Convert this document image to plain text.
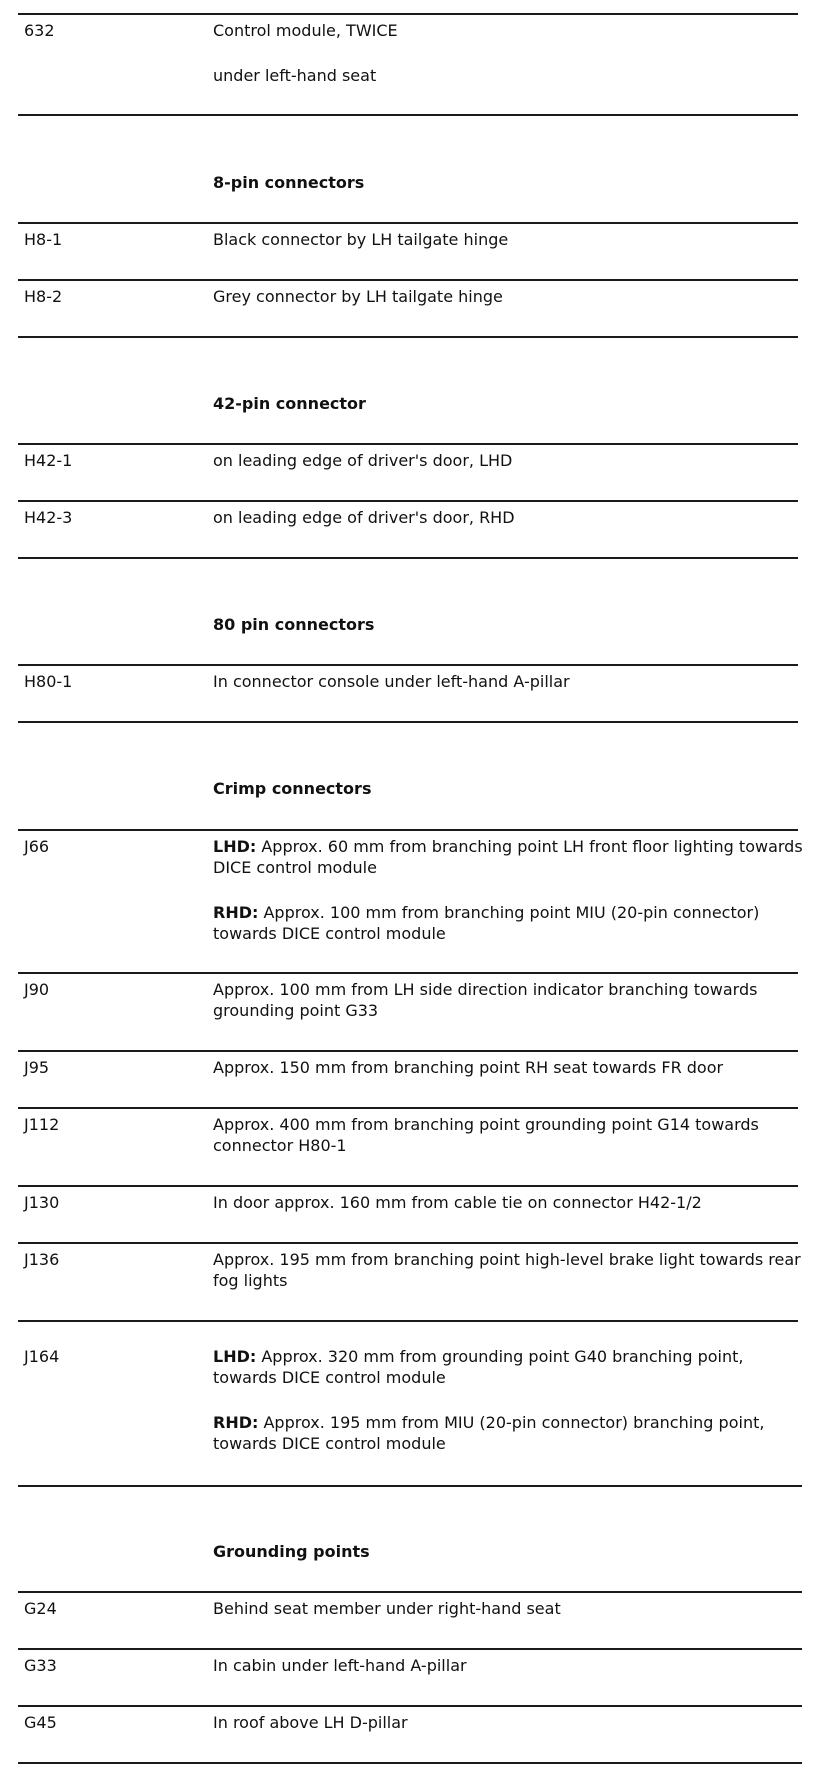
632	Control module, TWICE
under left-hand seat
8-pin connectors
H8-1	Black connector by LH tailgate hinge
H8-2	Grey connector by LH tailgate hinge
42-pin connector
H42-1	on leading edge of driver's door, LHD
H42-3	on leading edge of driver's door, RHD
80 pin connectors
H80-1	In connector console under left-hand A-pillar
Crimp connectors
J66	LHD: Approx. 60 mm from branching point LH front floor lighting towards DICE control module
RHD: Approx. 100 mm from branching point MIU (20-pin connector) towards DICE control module
J90	Approx. 100 mm from LH side direction indicator branching towards grounding point G33
J95	Approx. 150 mm from branching point RH seat towards FR door
J112	Approx. 400 mm from branching point grounding point G14 towards connector H80-1
J130	In door approx. 160 mm from cable tie on connector H42-1/2
J136	Approx. 195 mm from branching point high-level brake light towards rear fog lights
J164	LHD: Approx. 320 mm from grounding point G40 branching point, towards DICE control module
RHD: Approx. 195 mm from MIU (20-pin connector) branching point, towards DICE control module
Grounding points
G24	Behind seat member under right-hand seat
G33	In cabin under left-hand A-pillar
G45	In roof above LH D-pillar
